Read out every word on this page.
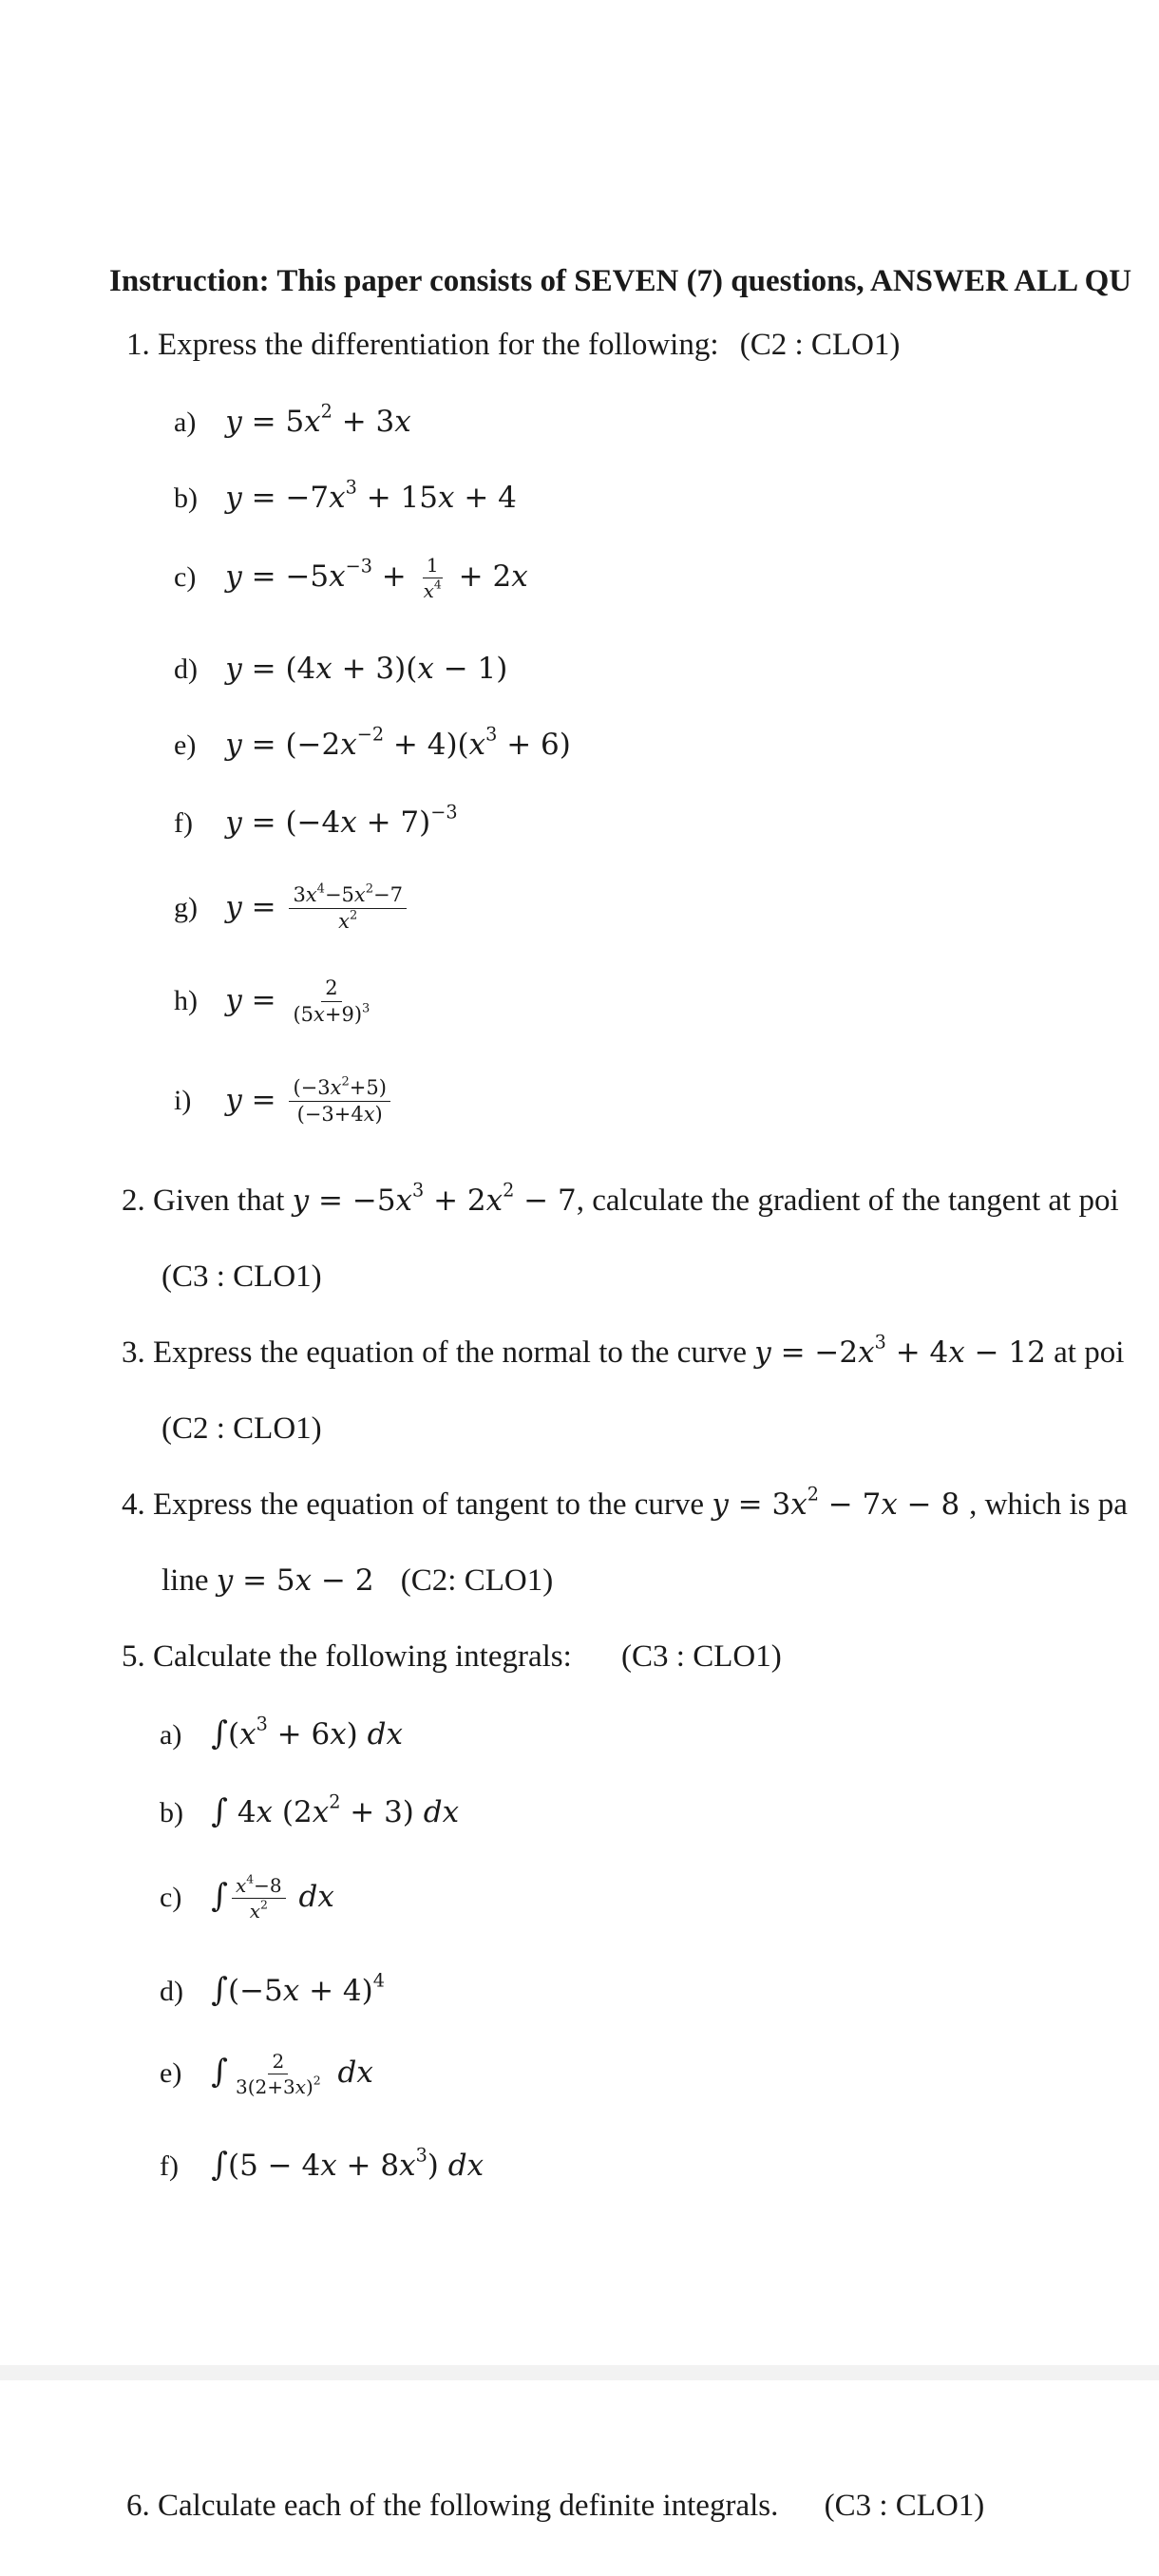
Instruction: This paper consists of SEVEN (7) questions, ANSWER ALL QU
1. Express the differentiation for the following: (C2 : CLO1)
a) $y = 5x^2 + 3x$
b) $y = -7x^3 + 15x + 4$
c) $y = -5x^{-3} + \frac{1}{x^4} + 2x$
d) y = (4x + 3)(x − 1)
e) $y = (-2x^{-2} + 4)(x^3 + 6)$
f) $y = (-4x + 7)^{-3}$
g) $y = \frac{3x^4-5x^2-7}{x^2}$
h) $y = \frac{2}{(5x+9)^3}$
i) $y = \frac{(-3x^2+5)}{(-3+4x)}$
2. Given that $y = -5x^3 + 2x^2 - 7$, calculate the gradient of the tangent at poi
(C3 : CLO1)
3. Express the equation of the normal to the curve $y = -2x^3 + 4x - 12$ at poi
(C2 : CLO1)
4. Express the equation of tangent to the curve $y = 3x^2 - 7x - 8$ , which is pa
line y = 5x − 2 (C2: CLO1)
5. Calculate the following integrals: (C3 : CLO1)
a) $\int(x^3 + 6x)$ dx
b) ∫ 4x $(2x^2 + 3)$ dx
c) ∫ $\frac{x^4-8}{x^2}$ dx
d) $\int(-5x + 4)^4$
e) ∫ $\frac{2}{3(2+3x)^2}$ dx
f) $\int(5 - 4x + 8x^3)$ dx
6. Calculate each of the following definite integrals. (C3 : CLO1)
